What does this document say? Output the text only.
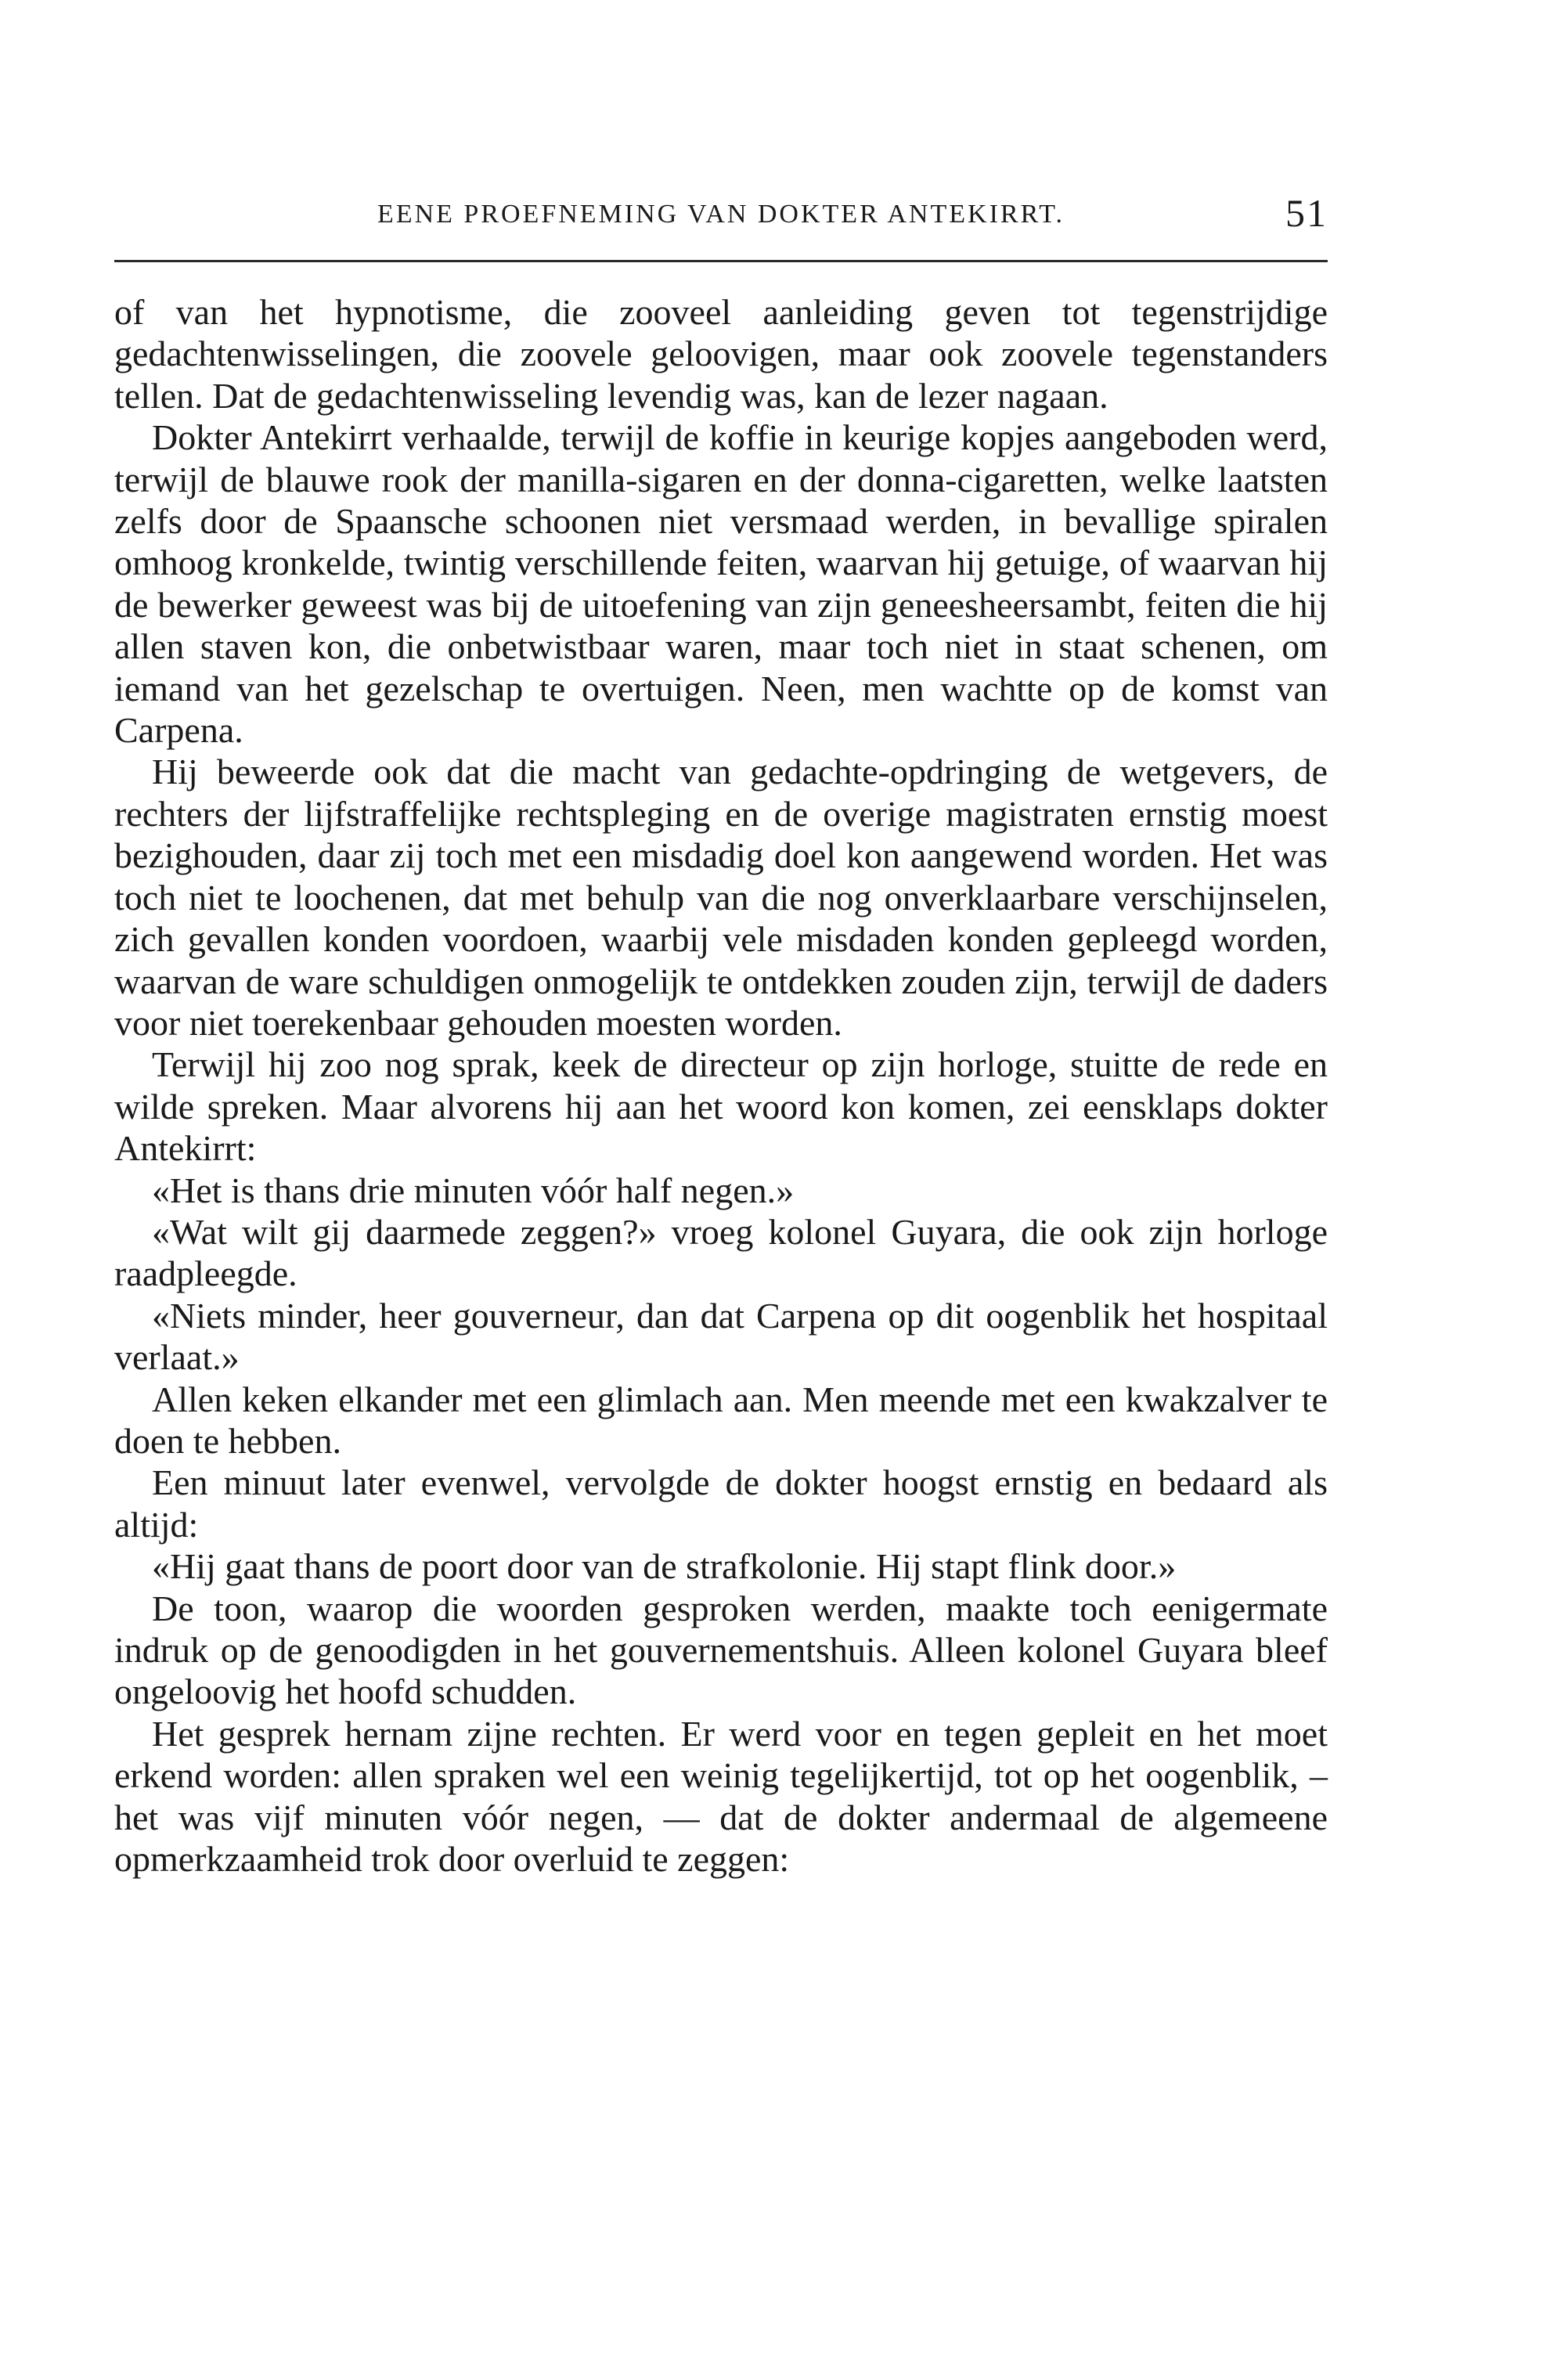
EENE PROEFNEMING VAN DOKTER ANTEKIRRT.	51

of van het hypnotisme, die zooveel aanleiding geven tot tegenstrijdige gedachtenwisselingen, die zoovele geloovigen, maar ook zoovele tegenstanders tellen. Dat de gedachtenwisseling levendig was, kan de lezer nagaan.

Dokter Antekirrt verhaalde, terwijl de koffie in keurige kopjes aangeboden werd, terwijl de blauwe rook der manilla-sigaren en der donna-cigaretten, welke laatsten zelfs door de Spaansche schoonen niet versmaad werden, in bevallige spiralen omhoog kronkelde, twintig verschillende feiten, waarvan hij getuige, of waarvan hij de bewerker geweest was bij de uitoefening van zijn geneesheersambt, feiten die hij allen staven kon, die onbetwistbaar waren, maar toch niet in staat schenen, om iemand van het gezelschap te overtuigen. Neen, men wachtte op de komst van Carpena.

Hij beweerde ook dat die macht van gedachte-opdringing de wetgevers, de rechters der lijfstraffelijke rechtspleging en de overige magistraten ernstig moest bezighouden, daar zij toch met een misdadig doel kon aangewend worden. Het was toch niet te loochenen, dat met behulp van die nog onverklaarbare verschijnselen, zich gevallen konden voordoen, waarbij vele misdaden konden gepleegd worden, waarvan de ware schuldigen onmogelijk te ontdekken zouden zijn, terwijl de daders voor niet toerekenbaar gehouden moesten worden.

Terwijl hij zoo nog sprak, keek de directeur op zijn horloge, stuitte de rede en wilde spreken. Maar alvorens hij aan het woord kon komen, zei eensklaps dokter Antekirrt:

«Het is thans drie minuten vóór half negen.»

«Wat wilt gij daarmede zeggen?» vroeg kolonel Guyara, die ook zijn horloge raadpleegde.

«Niets minder, heer gouverneur, dan dat Carpena op dit oogenblik het hospitaal verlaat.»

Allen keken elkander met een glimlach aan. Men meende met een kwakzalver te doen te hebben.

Een minuut later evenwel, vervolgde de dokter hoogst ernstig en bedaard als altijd:

«Hij gaat thans de poort door van de strafkolonie. Hij stapt flink door.»

De toon, waarop die woorden gesproken werden, maakte toch eenigermate indruk op de genoodigden in het gouvernementshuis. Alleen kolonel Guyara bleef ongeloovig het hoofd schudden.

Het gesprek hernam zijne rechten. Er werd voor en tegen gepleit en het moet erkend worden: allen spraken wel een weinig tegelijkertijd, tot op het oogenblik, – het was vijf minuten vóór negen, — dat de dokter andermaal de algemeene opmerkzaamheid trok door overluid te zeggen:
